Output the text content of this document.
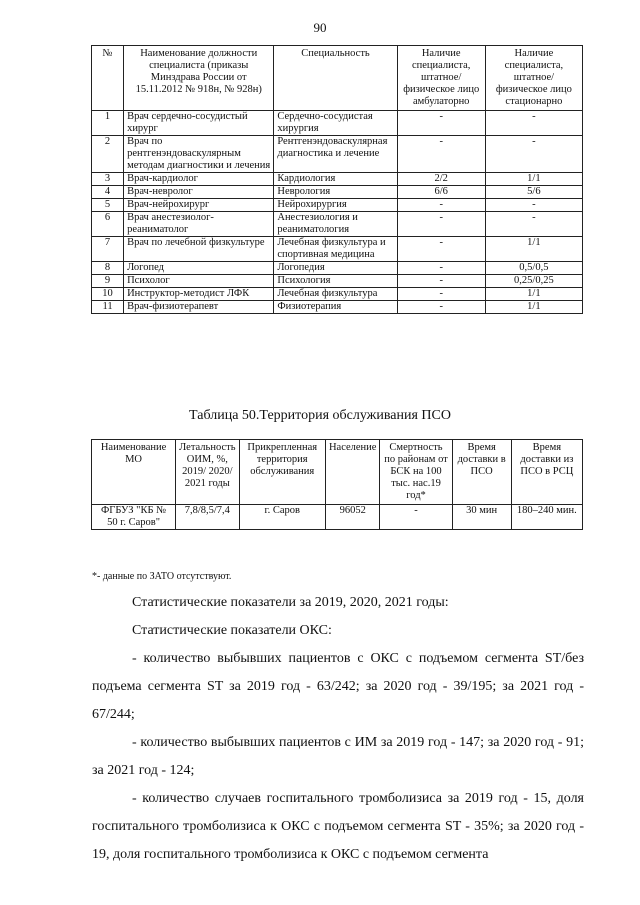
90
№	Наименование должности специалиста (приказы Минздрава России от 15.11.2012 № 918н, № 928н)	Специальность	Наличие специалиста, штатное/физическое лицо амбулаторно	Наличие специалиста, штатное/физическое лицо стационарно
1	Врач сердечно-сосудистый хирург	Сердечно-сосудистая хирургия	-	-
2	Врач по рентгенэндоваскулярным методам диагностики и лечения	Рентгенэндоваскулярная диагностика и лечение	-	-
3	Врач-кардиолог	Кардиология	2/2	1/1
4	Врач-невролог	Неврология	6/6	5/6
5	Врач-нейрохирург	Нейрохирургия	-	-
6	Врач анестезиолог-реаниматолог	Анестезиология и реаниматология	-	-
7	Врач по лечебной физкультуре	Лечебная физкультура и спортивная медицина	-	1/1
8	Логопед	Логопедия	-	0,5/0,5
9	Психолог	Психология	-	0,25/0,25
10	Инструктор-методист ЛФК	Лечебная физкультура	-	1/1
11	Врач-физиотерапевт	Физиотерапия	-	1/1
Таблица 50.Территория обслуживания ПСО
Наименование МО	Летальность ОИМ, %, 2019/ 2020/ 2021 годы	Прикрепленная территория обслуживания	Население	Смертность по районам от БСК на 100 тыс. нас.19 год*	Время доставки в ПСО	Время доставки из ПСО в РСЦ
ФГБУЗ "КБ № 50 г. Саров"	7,8/8,5/7,4	г. Саров	96052	-	30 мин	180–240 мин.
*- данные по ЗАТО отсутствуют.
Статистические показатели за 2019, 2020, 2021 годы:
Статистические показатели ОКС:
- количество выбывших пациентов с ОКС с подъемом сегмента ST/без подъема сегмента ST за 2019 год - 63/242; за 2020 год - 39/195; за 2021 год - 67/244;
- количество выбывших пациентов с ИМ за 2019 год - 147; за 2020 год - 91; за 2021 год - 124;
- количество случаев госпитального тромболизиса за 2019 год - 15, доля госпитального тромболизиса к ОКС с подъемом сегмента ST - 35%; за 2020 год - 19, доля госпитального тромболизиса к ОКС с подъемом сегмента
